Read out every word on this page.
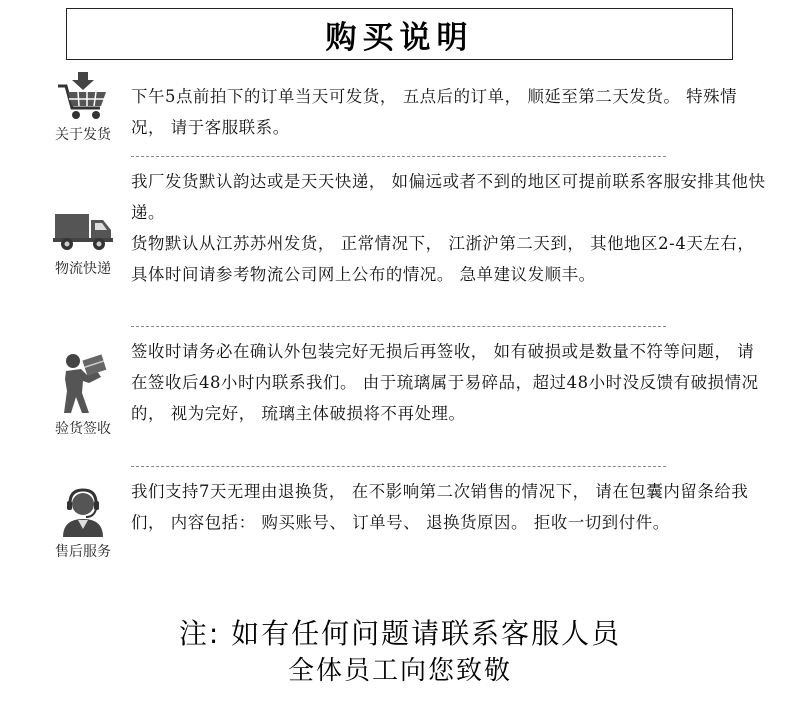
购买说明
关于发货

下午5点前拍下的订单当天可发货， 五点后的订单， 顺延至第二天发货。 特殊情况， 请于客服联系。

物流快递

我厂发货默认韵达或是天天快递， 如偏远或者不到的地区可提前联系客服安排其他快递。

货物默认从江苏苏州发货， 正常情况下， 江浙沪第二天到， 其他地区2-4天左右， 具体时间请参考物流公司网上公布的情况。 急单建议发顺丰。

验货签收

签收时请务必在确认外包装完好无损后再签收， 如有破损或是数量不符等问题， 请在签收后48小时内联系我们。 由于琉璃属于易碎品，超过48小时没反馈有破损情况的， 视为完好， 琉璃主体破损将不再处理。

售后服务

我们支持7天无理由退换货， 在不影响第二次销售的情况下， 请在包囊内留条给我们， 内容包括： 购买账号、 订单号、 退换货原因。 拒收一切到付件。

注: 如有任何问题请联系客服人员
全体员工向您致敬
